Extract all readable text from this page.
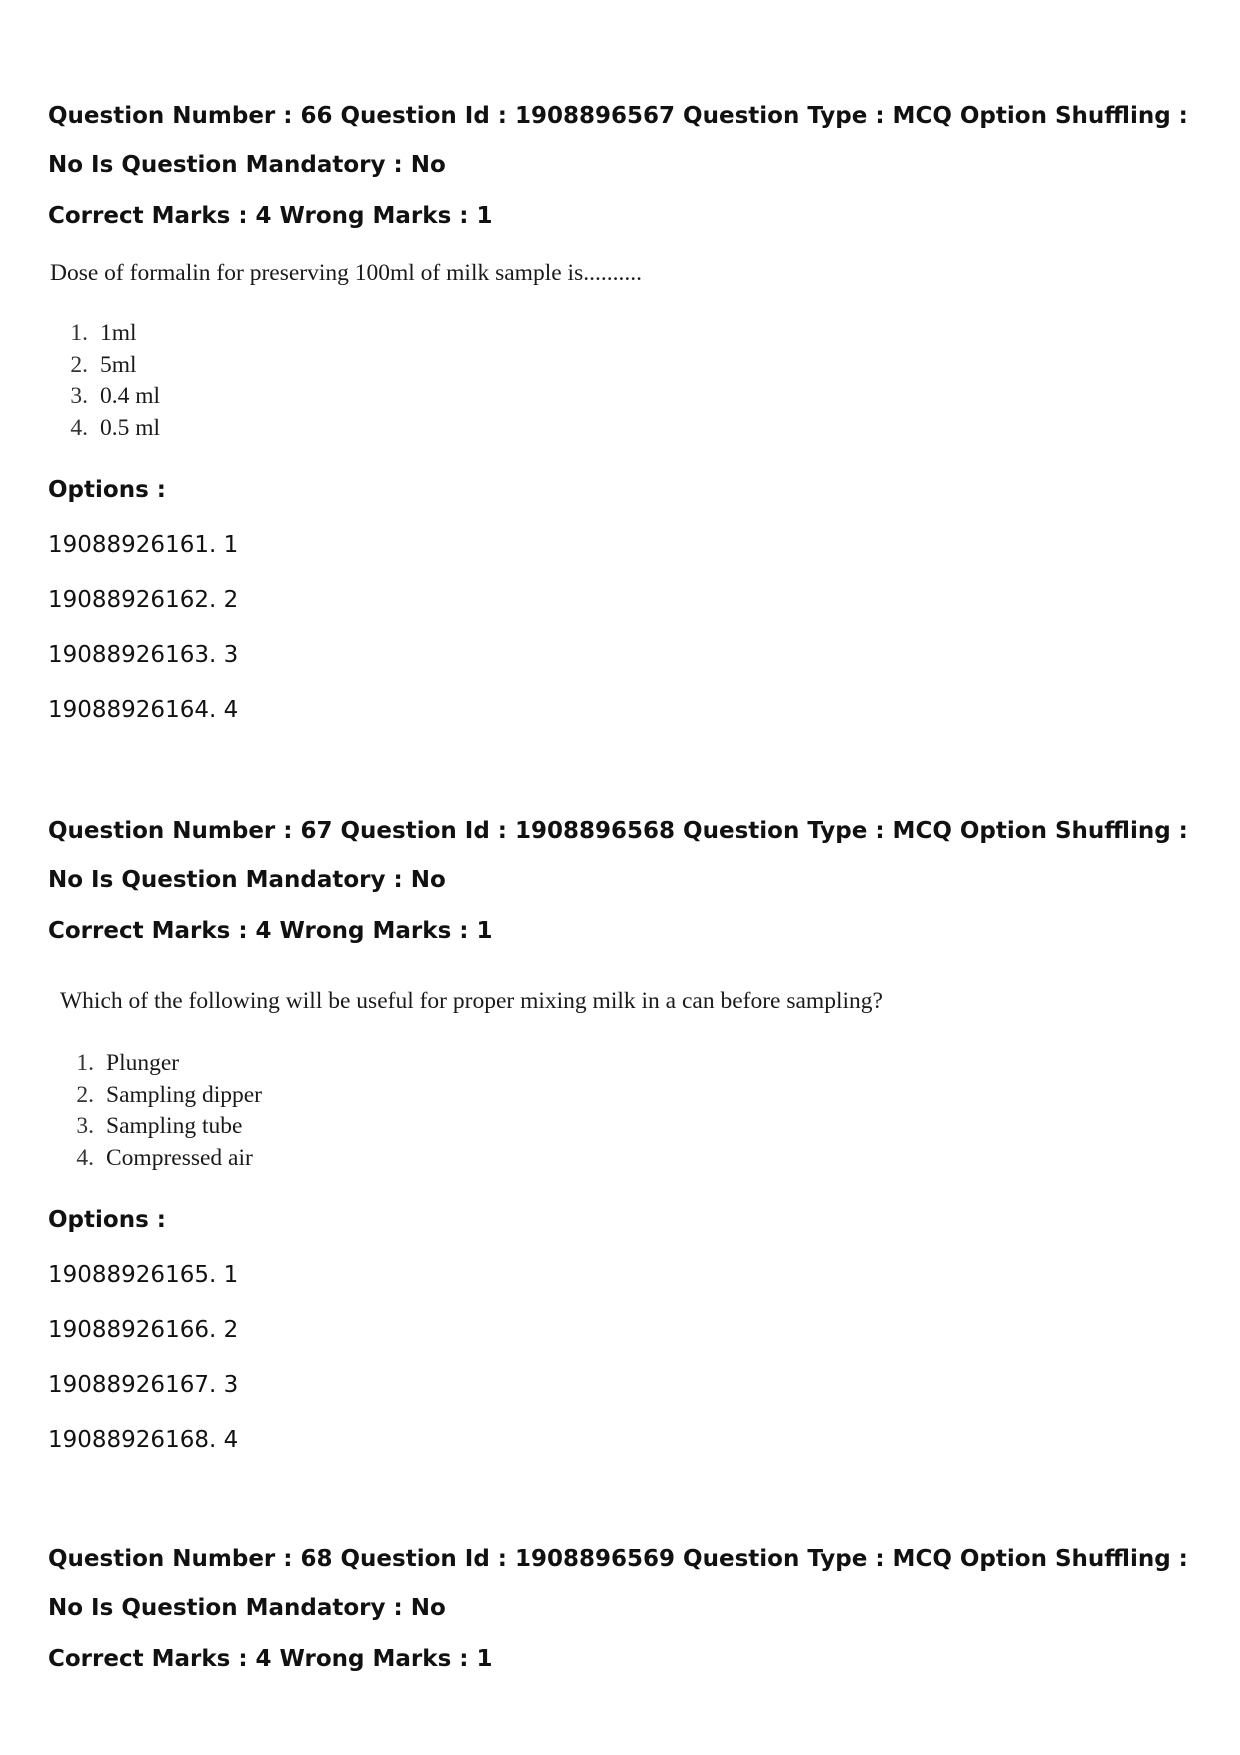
Question Number : 66 Question Id : 1908896567 Question Type : MCQ Option Shuffling : No Is Question Mandatory : No
Correct Marks : 4 Wrong Marks : 1
Dose of formalin for preserving 100ml of milk sample is..........
1. 1ml
2. 5ml
3. 0.4 ml
4. 0.5 ml
Options :
19088926161. 1
19088926162. 2
19088926163. 3
19088926164. 4
Question Number : 67 Question Id : 1908896568 Question Type : MCQ Option Shuffling : No Is Question Mandatory : No
Correct Marks : 4 Wrong Marks : 1
Which of the following will be useful for proper mixing milk in a can before sampling?
1. Plunger
2. Sampling dipper
3. Sampling tube
4. Compressed air
Options :
19088926165. 1
19088926166. 2
19088926167. 3
19088926168. 4
Question Number : 68 Question Id : 1908896569 Question Type : MCQ Option Shuffling : No Is Question Mandatory : No
Correct Marks : 4 Wrong Marks : 1
